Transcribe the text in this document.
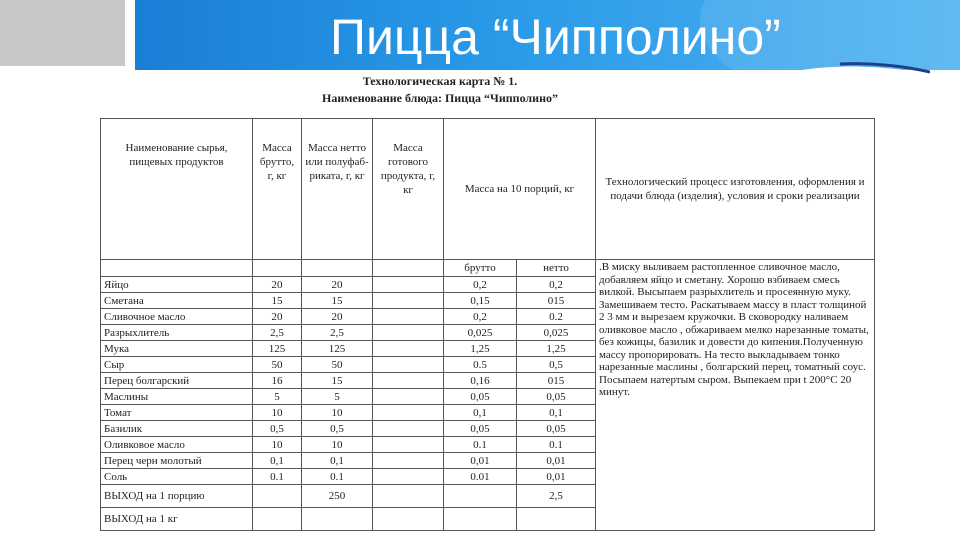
Пицца “Чипполино”
Технологическая карта № 1.
Наименование блюда: Пицца “Чипполино”
Наименование сырья, пищевых продуктов	Масса брутто, г, кг	Масса нетто или полуфаб-риката, г, кг	Масса готового продукта, г, кг	Масса на 10 порций, кг		Технологический процесс изготовления, оформления и подачи блюда (изделия), условия и сроки реализации
				брутто	нетто	.В миску выливаем растопленное сливочное масло, добавляем яйцо и сметану. Хорошо взбиваем смесь вилкой. Высыпаем разрыхлитель и просеянную муку. Замешиваем тесто. Раскатываем массу в пласт толщиной 2 3 мм и вырезаем кружочки. В сковородку наливаем оливковое масло , обжариваем мелко нарезанные томаты, без кожицы, базилик и довести до кипения.Полученную массу пропорировать. На тесто выкладываем тонко нарезанные маслины , болгарский перец, томатный соус. Посыпаем натертым сыром. Выпекаем при t 200°C 20 минут.
Яйцо	20	20		0,2	0,2	
Сметана	15	15		0,15	015	
Сливочное масло	20	20		0,2	0.2	
Разрыхлитель	2,5	2,5		0,025	0,025	
Мука	125	125		1,25	1,25	
Сыр	50	50		0.5	0,5	
Перец болгарский	16	15		0,16	015	
Маслины	5	5		0,05	0,05	
Томат	10	10		0,1	0,1	
Базилик	0,5	0,5		0,05	0,05	
Оливковое масло	10	10		0.1	0.1	
Перец черн молотый	0,1	0,1		0,01	0,01	
Соль	0.1	0.1		0.01	0,01	
ВЫХОД на 1 порцию		250			2,5	
ВЫХОД на 1 кг						
